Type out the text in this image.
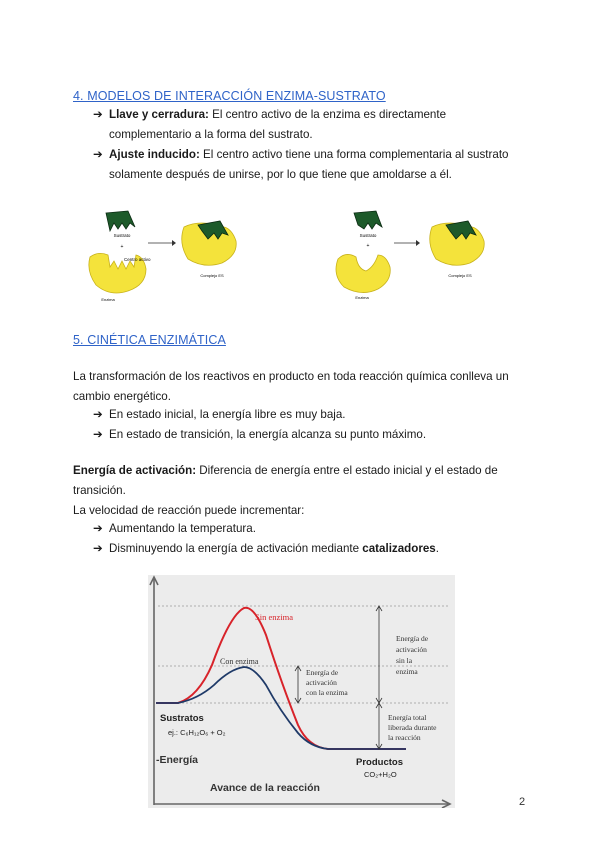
4. MODELOS DE INTERACCIÓN ENZIMA-SUSTRATO
➔ Llave y cerradura: El centro activo de la enzima es directamente
complementario a la forma del sustrato.
➔ Ajuste inducido: El centro activo tiene una forma complementaria al sustrato
solamente después de unirse, por lo que tiene que amoldarse a él.
Sustrato
+
Centro activo
Enzima
Complejo ES
Sustrato
+
Enzima
Complejo ES
5. CINÉTICA ENZIMÁTICA
La transformación de los reactivos en producto en toda reacción química conlleva un
cambio energético.
➔ En estado inicial, la energía libre es muy baja.
➔ En estado de transición, la energía alcanza su punto máximo.
Energía de activación: Diferencia de energía entre el estado inicial y el estado de
transición.
La velocidad de reacción puede incrementar:
➔ Aumentando la temperatura.
➔ Disminuyendo la energía de activación mediante catalizadores.
Sin enzima
Con enzima
Energía de
activación
con la enzima
Energía de
activación
sin la
enzima
Energía total
liberada durante
la reacción
Sustratos
ej.: C₆H₁₂O₆ + O₂
Productos
CO₂+H₂O
-Energía
Avance de la reacción
2
